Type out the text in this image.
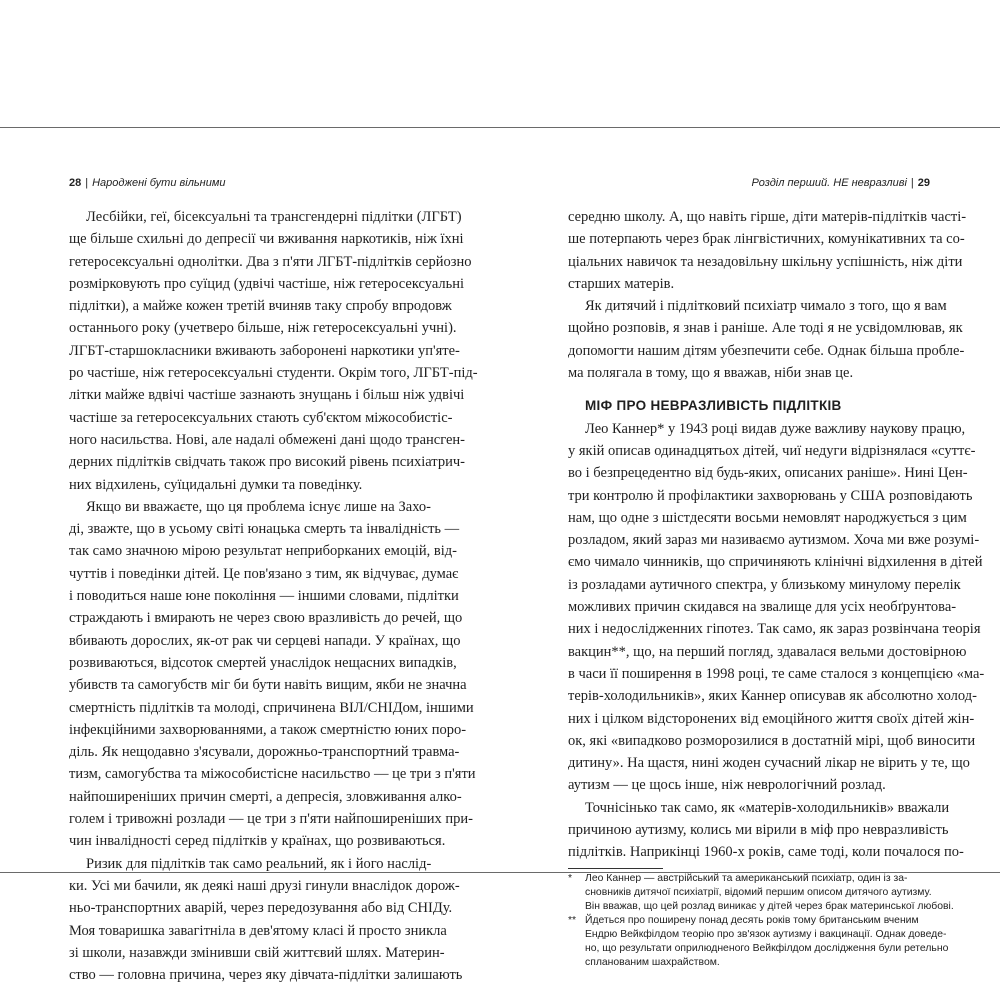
28 | Народжені бути вільними	Розділ перший. НЕ невразливі | 29
Лесбійки, геї, бісексуальні та трансгендерні підлітки (ЛГБТ)
ще більше схильні до депресії чи вживання наркотиків, ніж їхні
гетеросексуальні однолітки. Два з п'яти ЛГБТ-підлітків серйозно
розмірковують про суїцид (удвічі частіше, ніж гетеросексуальні
підлітки), а майже кожен третій вчиняв таку спробу впродовж
останнього року (учетверо більше, ніж гетеросексуальні учні).
ЛГБТ-старшокласники вживають заборонені наркотики уп'яте-
ро частіше, ніж гетеросексуальні студенти. Окрім того, ЛГБТ-під-
літки майже вдвічі частіше зазнають знущань і більш ніж удвічі
частіше за гетеросексуальних стають суб'єктом міжособистіс-
ного насильства. Нові, але надалі обмежені дані щодо трансген-
дерних підлітків свідчать також про високий рівень психіатрич-
них відхилень, суїцидальні думки та поведінку.
Якщо ви вважаєте, що ця проблема існує лише на Захо-
ді, зважте, що в усьому світі юнацька смерть та інвалідність —
так само значною мірою результат неприборканих емоцій, від-
чуттів і поведінки дітей. Це пов'язано з тим, як відчуває, думає
і поводиться наше юне покоління — іншими словами, підлітки
страждають і вмирають не через свою вразливість до речей, що
вбивають дорослих, як-от рак чи серцеві напади. У країнах, що
розвиваються, відсоток смертей унаслідок нещасних випадків,
убивств та самогубств міг би бути навіть вищим, якби не значна
смертність підлітків та молоді, спричинена ВІЛ/СНІДом, іншими
інфекційними захворюваннями, а також смертністю юних поро-
діль. Як нещодавно з'ясували, дорожньо-транспортний травма-
тизм, самогубства та міжособистісне насильство — це три з п'яти
найпоширеніших причин смерті, а депресія, зловживання алко-
голем і тривожні розлади — це три з п'яти найпоширеніших при-
чин інвалідності серед підлітків у країнах, що розвиваються.
Ризик для підлітків так само реальний, як і його наслід-
ки. Усі ми бачили, як деякі наші друзі гинули внаслідок дорож-
ньо-транспортних аварій, через передозування або від СНІДу.
Моя товаришка завагітніла в дев'ятому класі й просто зникла
зі школи, назавжди змінивши свій життєвий шлях. Материн-
ство — головна причина, через яку дівчата-підлітки залишають
середню школу. А, що навіть гірше, діти матерів-підлітків часті-
ше потерпають через брак лінгвістичних, комунікативних та со-
ціальних навичок та незадовільну шкільну успішність, ніж діти
старших матерів.
Як дитячий і підлітковий психіатр чимало з того, що я вам
щойно розповів, я знав і раніше. Але тоді я не усвідомлював, як
допомогти нашим дітям убезпечити себе. Однак більша пробле-
ма полягала в тому, що я вважав, ніби знав це.
МІФ ПРО НЕВРАЗЛИВІСТЬ ПІДЛІТКІВ
Лео Каннер* у 1943 році видав дуже важливу наукову працю,
у якій описав одинадцятьох дітей, чиї недуги відрізнялася «суттє-
во і безпрецедентно від будь-яких, описаних раніше». Нині Цен-
три контролю й профілактики захворювань у США розповідають
нам, що одне з шістдесяти восьми немовлят народжується з цим
розладом, який зараз ми називаємо аутизмом. Хоча ми вже розумі-
ємо чимало чинників, що спричиняють клінічні відхилення в дітей
із розладами аутичного спектра, у близькому минулому перелік
можливих причин скидався на звалище для усіх необґрунтова-
них і недослідженних гіпотез. Так само, як зараз розвінчана теорія
вакцин**, що, на перший погляд, здавалася вельми достовірною
в часи її поширення в 1998 році, те саме сталося з концепцією «ма-
терів-холодильників», яких Каннер описував як абсолютно холод-
них і цілком відсторонених від емоційного життя своїх дітей жін-
ок, які «випадково розморозилися в достатній мірі, щоб виносити
дитину». На щастя, нині жоден сучасний лікар не вірить у те, що
аутизм — це щось інше, ніж неврологічний розлад.
Точнісінько так само, як «матерів-холодильників» вважали
причиною аутизму, колись ми вірили в міф про невразливість
підлітків. Наприкінці 1960-х років, саме тоді, коли почалося по-
* Лео Каннер — австрійський та американський психіатр, один із за-
сновників дитячої психіатрії, відомий першим описом дитячого аутизму.
Він вважав, що цей розлад виникає у дітей через брак материнської любові.
** Йдеться про поширену понад десять років тому британським вченим
Ендрю Вейкфілдом теорію про зв'язок аутизму і вакцинації. Однак доведе-
но, що результати оприлюдненого Вейкфілдом дослідження були ретельно
спланованим шахрайством.
